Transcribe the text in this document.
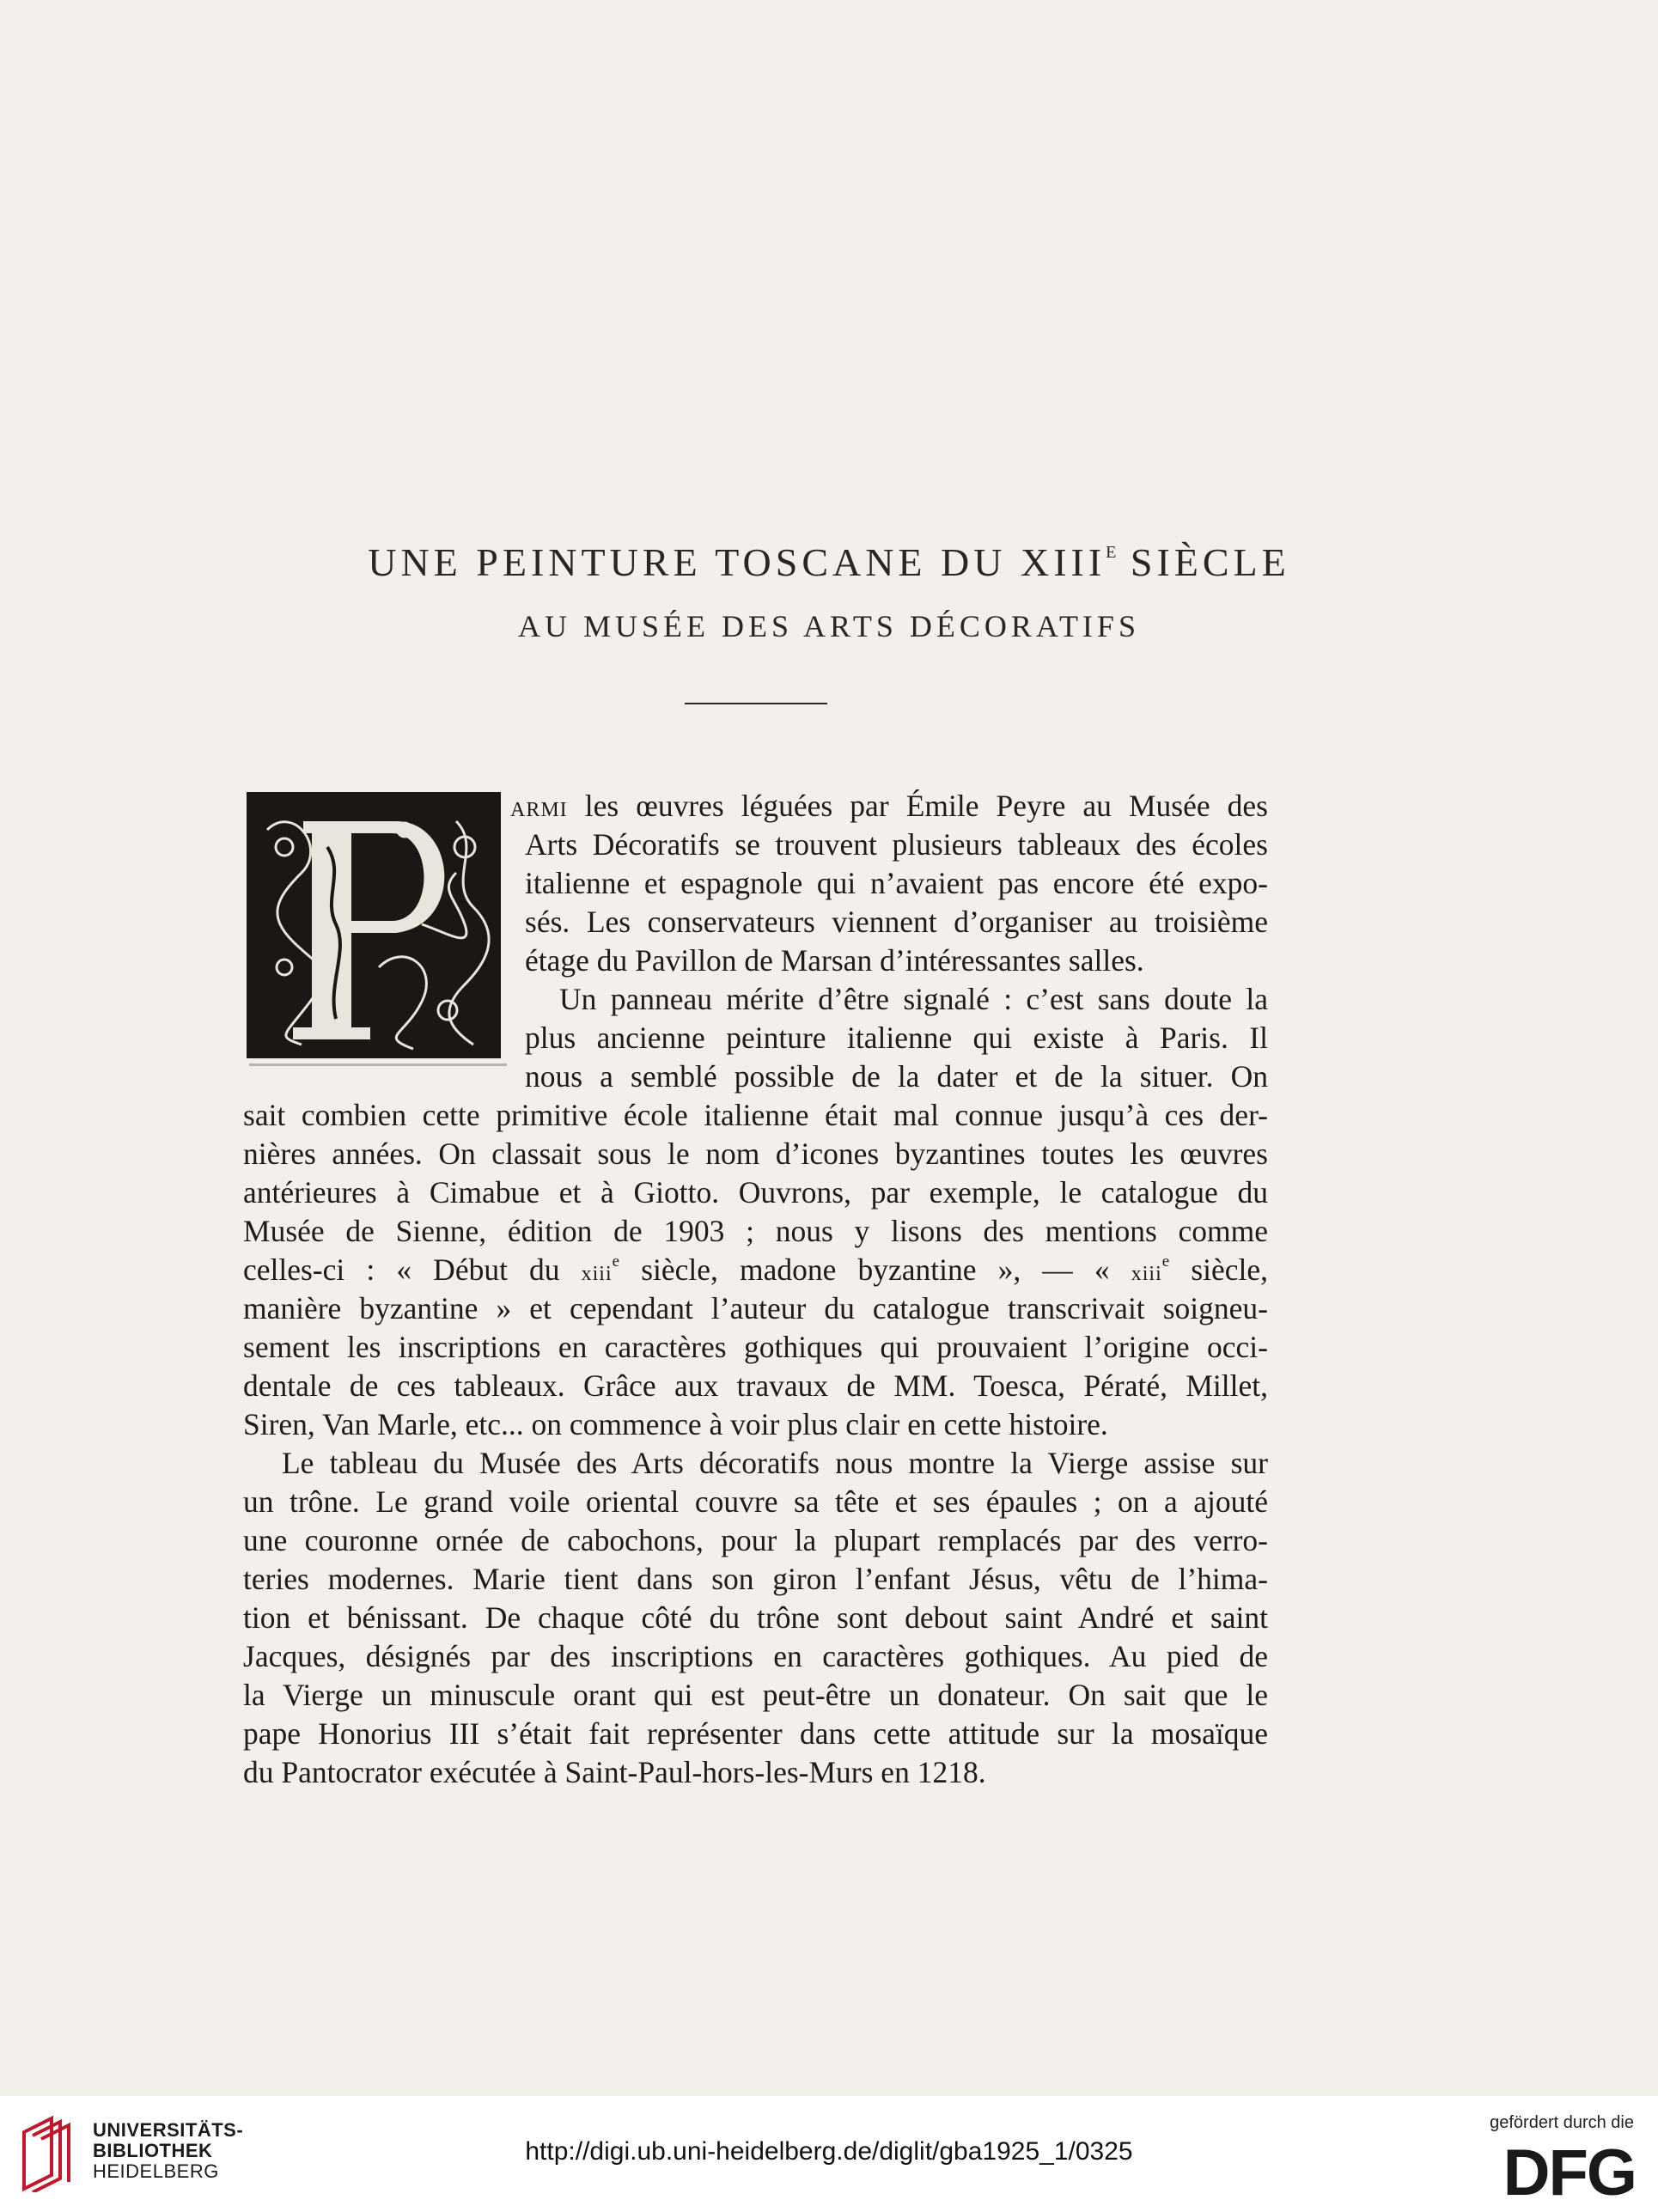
UNE PEINTURE TOSCANE DU $XIII^E$ SIÈCLE
AU MUSÉE DES ARTS DÉCORATIFS
ARMI les œuvres léguées par Émile Peyre au Musée des
Arts Décoratifs se trouvent plusieurs tableaux des écoles
italienne et espagnole qui n’avaient pas encore été expo-
sés. Les conservateurs viennent d’organiser au troisième
étage du Pavillon de Marsan d’intéressantes salles.
Un panneau mérite d’être signalé : c’est sans doute la
plus ancienne peinture italienne qui existe à Paris. Il
nous a semblé possible de la dater et de la situer. On
sait combien cette primitive école italienne était mal connue jusqu’à ces der-
nières années. On classait sous le nom d’icones byzantines toutes les œuvres
antérieures à Cimabue et à Giotto. Ouvrons, par exemple, le catalogue du
Musée de Sienne, édition de 1903 ; nous y lisons des mentions comme
celles-ci : « Début du xiii$^e$ siècle, madone byzantine », — « xiii$^e$ siècle,
manière byzantine » et cependant l’auteur du catalogue transcrivait soigneu-
sement les inscriptions en caractères gothiques qui prouvaient l’origine occi-
dentale de ces tableaux. Grâce aux travaux de MM. Toesca, Pératé, Millet,
Siren, Van Marle, etc... on commence à voir plus clair en cette histoire.
Le tableau du Musée des Arts décoratifs nous montre la Vierge assise sur
un trône. Le grand voile oriental couvre sa tête et ses épaules ; on a ajouté
une couronne ornée de cabochons, pour la plupart remplacés par des verro-
teries modernes. Marie tient dans son giron l’enfant Jésus, vêtu de l’hima-
tion et bénissant. De chaque côté du trône sont debout saint André et saint
Jacques, désignés par des inscriptions en caractères gothiques. Au pied de
la Vierge un minuscule orant qui est peut-être un donateur. On sait que le
pape Honorius III s’était fait représenter dans cette attitude sur la mosaïque
du Pantocrator exécutée à Saint-Paul-hors-les-Murs en 1218.
UNIVERSITÄTS-
BIBLIOTHEK
HEIDELBERG
http://digi.ub.uni-heidelberg.de/diglit/gba1925_1/0325
gefördert durch die
DFG
